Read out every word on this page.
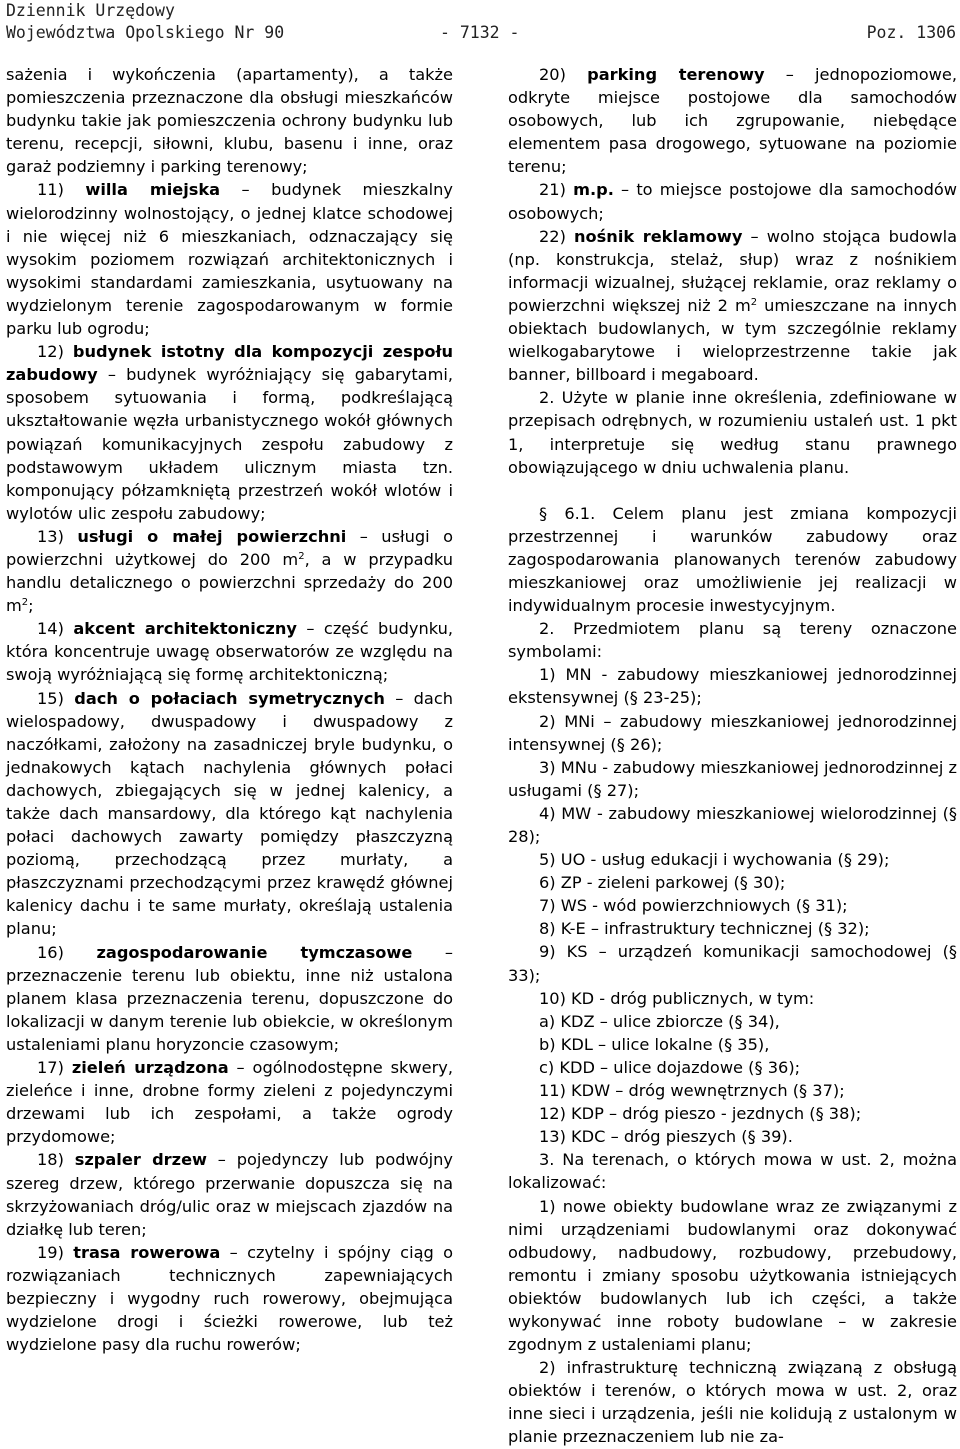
Dziennik Urzędowy
Województwa Opolskiego Nr 90	- 7132 -	Poz. 1306

sażenia i wykończenia (apartamenty), a także pomieszczenia przeznaczone dla obsługi mieszkańców budynku takie jak pomieszczenia ochrony budynku lub terenu, recepcji, siłowni, klubu, basenu i inne, oraz garaż podziemny i parking terenowy;

11) willa miejska – budynek mieszkalny wielorodzinny wolnostojący, o jednej klatce schodowej i nie więcej niż 6 mieszkaniach, odznaczający się wysokim poziomem rozwiązań architektonicznych i wysokimi standardami zamieszkania, usytuowany na wydzielonym terenie zagospodarowanym w formie parku lub ogrodu;

12) budynek istotny dla kompozycji zespołu zabudowy – budynek wyróżniający się gabarytami, sposobem sytuowania i formą, podkreślającą ukształtowanie węzła urbanistycznego wokół głównych powiązań komunikacyjnych zespołu zabudowy z podstawowym układem ulicznym miasta tzn. komponujący półzamkniętą przestrzeń wokół wlotów i wylotów ulic zespołu zabudowy;

13) usługi o małej powierzchni – usługi o powierzchni użytkowej do 200 $m^2$, a w przypadku handlu detalicznego o powierzchni sprzedaży do 200 $m^2$;

14) akcent architektoniczny – część budynku, która koncentruje uwagę obserwatorów ze względu na swoją wyróżniającą się formę architektoniczną;

15) dach o połaciach symetrycznych – dach wielospadowy, dwuspadowy i dwuspadowy z naczółkami, założony na zasadniczej bryle budynku, o jednakowych kątach nachylenia głównych połaci dachowych, zbiegających się w jednej kalenicy, a także dach mansardowy, dla którego kąt nachylenia połaci dachowych zawarty pomiędzy płaszczyzną poziomą, przechodzącą przez murłaty, a płaszczyznami przechodzącymi przez krawędź głównej kalenicy dachu i te same murłaty, określają ustalenia planu;

16) zagospodarowanie tymczasowe – przeznaczenie terenu lub obiektu, inne niż ustalona planem klasa przeznaczenia terenu, dopuszczone do lokalizacji w danym terenie lub obiekcie, w określonym ustaleniami planu horyzoncie czasowym;

17) zieleń urządzona – ogólnodostępne skwery, zieleńce i inne, drobne formy zieleni z pojedynczymi drzewami lub ich zespołami, a także ogrody przydomowe;

18) szpaler drzew – pojedynczy lub podwójny szereg drzew, którego przerwanie dopuszcza się na skrzyżowaniach dróg/ulic oraz w miejscach zjazdów na działkę lub teren;

19) trasa rowerowa – czytelny i spójny ciąg o rozwiązaniach technicznych zapewniających bezpieczny i wygodny ruch rowerowy, obejmująca wydzielone drogi i ścieżki rowerowe, lub też wydzielone pasy dla ruchu rowerów;

20) parking terenowy – jednopoziomowe, odkryte miejsce postojowe dla samochodów osobowych, lub ich zgrupowanie, niebędące elementem pasa drogowego, sytuowane na poziomie terenu;

21) m.p. – to miejsce postojowe dla samochodów osobowych;

22) nośnik reklamowy – wolno stojąca budowla (np. konstrukcja, stelaż, słup) wraz z nośnikiem informacji wizualnej, służącej reklamie, oraz reklamy o powierzchni większej niż 2 $m^2$ umieszczane na innych obiektach budowlanych, w tym szczególnie reklamy wielkogabarytowe i wieloprzestrzenne takie jak banner, billboard i megaboard.

2. Użyte w planie inne określenia, zdefiniowane w przepisach odrębnych, w rozumieniu ustaleń ust. 1 pkt 1, interpretuje się według stanu prawnego obowiązującego w dniu uchwalenia planu.

§ 6.1. Celem planu jest zmiana kompozycji przestrzennej i warunków zabudowy oraz zagospodarowania planowanych terenów zabudowy mieszkaniowej oraz umożliwienie jej realizacji w indywidualnym procesie inwestycyjnym.

2. Przedmiotem planu są tereny oznaczone symbolami:

1) MN - zabudowy mieszkaniowej jednorodzinnej ekstensywnej (§ 23-25);

2) MNi – zabudowy mieszkaniowej jednorodzinnej intensywnej (§ 26);

3) MNu - zabudowy mieszkaniowej jednorodzinnej z usługami (§ 27);

4) MW - zabudowy mieszkaniowej wielorodzinnej (§ 28);

5) UO - usług edukacji i wychowania (§ 29);

6) ZP - zieleni parkowej (§ 30);

7) WS - wód powierzchniowych (§ 31);

8) K-E – infrastruktury technicznej (§ 32);

9) KS – urządzeń komunikacji samochodowej (§ 33);

10) KD - dróg publicznych, w tym:

a) KDZ – ulice zbiorcze (§ 34),

b) KDL – ulice lokalne (§ 35),

c) KDD – ulice dojazdowe (§ 36);

11) KDW – dróg wewnętrznych (§ 37);

12) KDP – dróg pieszo - jezdnych (§ 38);

13) KDC – dróg pieszych (§ 39).

3. Na terenach, o których mowa w ust. 2, można lokalizować:

1) nowe obiekty budowlane wraz ze związanymi z nimi urządzeniami budowlanymi oraz dokonywać odbudowy, nadbudowy, rozbudowy, przebudowy, remontu i zmiany sposobu użytkowania istniejących obiektów budowlanych lub ich części, a także wykonywać inne roboty budowlane – w zakresie zgodnym z ustaleniami planu;

2) infrastrukturę techniczną związaną z obsługą obiektów i terenów, o których mowa w ust. 2, oraz inne sieci i urządzenia, jeśli nie kolidują z ustalonym w planie przeznaczeniem lub nie za-
